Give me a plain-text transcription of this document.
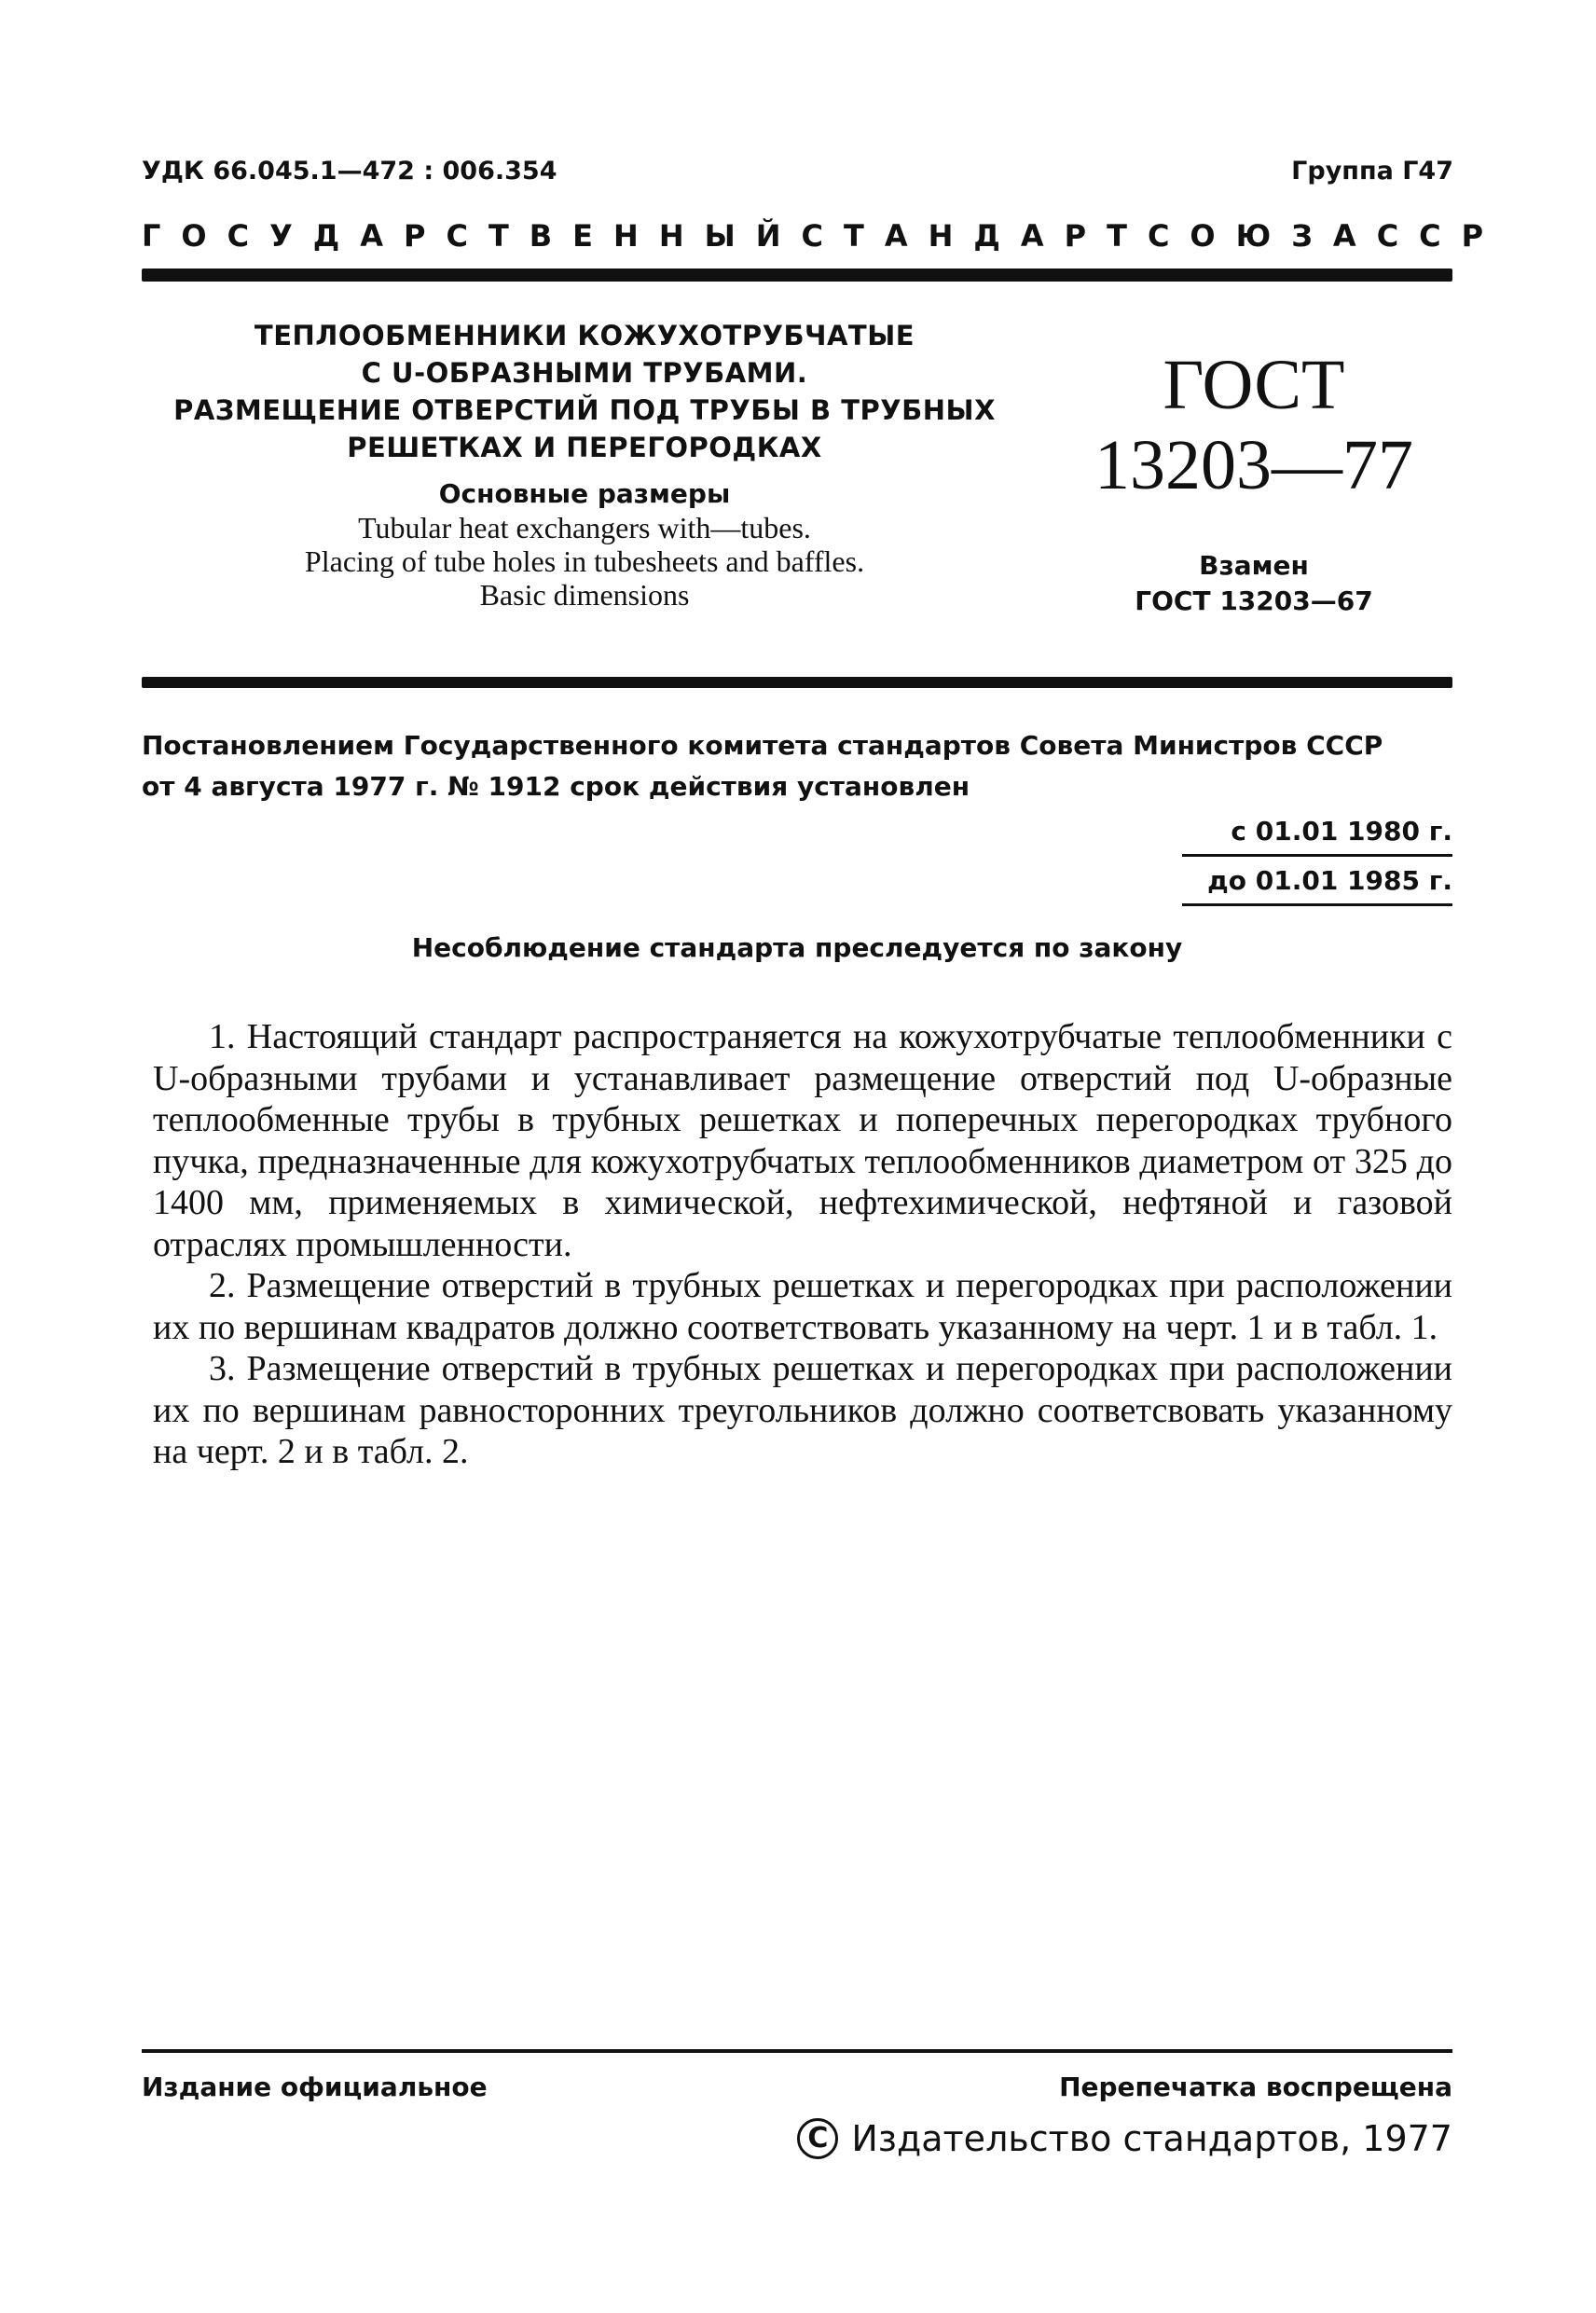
УДК 66.045.1—472 : 006.354	Группа Г47
ГОСУДАРСТВЕННЫЙ СТАНДАРТ СОЮЗА ССР
ТЕПЛООБМЕННИКИ КОЖУХОТРУБЧАТЫЕ
С U-ОБРАЗНЫМИ ТРУБАМИ.
РАЗМЕЩЕНИЕ ОТВЕРСТИЙ ПОД ТРУБЫ В ТРУБНЫХ
РЕШЕТКАХ И ПЕРЕГОРОДКАХ
Основные размеры
Tubular heat exchangers with—tubes.
Placing of tube holes in tubesheets and baffles.
Basic dimensions
ГОСТ
13203—77
Взамен
ГОСТ 13203—67
Постановлением Государственного комитета стандартов Совета Министров СССР
от 4 августа 1977 г. № 1912 срок действия установлен
с 01.01 1980 г.
до 01.01 1985 г.
Несоблюдение стандарта преследуется по закону

1. Настоящий стандарт распространяется на кожухотрубчатые теплообменники с U-образными трубами и устанавливает размещение отверстий под U-образные теплообменные трубы в трубных решетках и поперечных перегородках трубного пучка, предназначенные для кожухотрубчатых теплообменников диаметром от 325 до 1400 мм, применяемых в химической, нефтехимической, нефтяной и газовой отраслях промышленности.

2. Размещение отверстий в трубных решетках и перегородках при расположении их по вершинам квадратов должно соответствовать указанному на черт. 1 и в табл. 1.

3. Размещение отверстий в трубных решетках и перегородках при расположении их по вершинам равносторонних треугольников должно соответсвовать указанному на черт. 2 и в табл. 2.

Издание официальное	Перепечатка воспрещена
C Издательство стандартов, 1977
